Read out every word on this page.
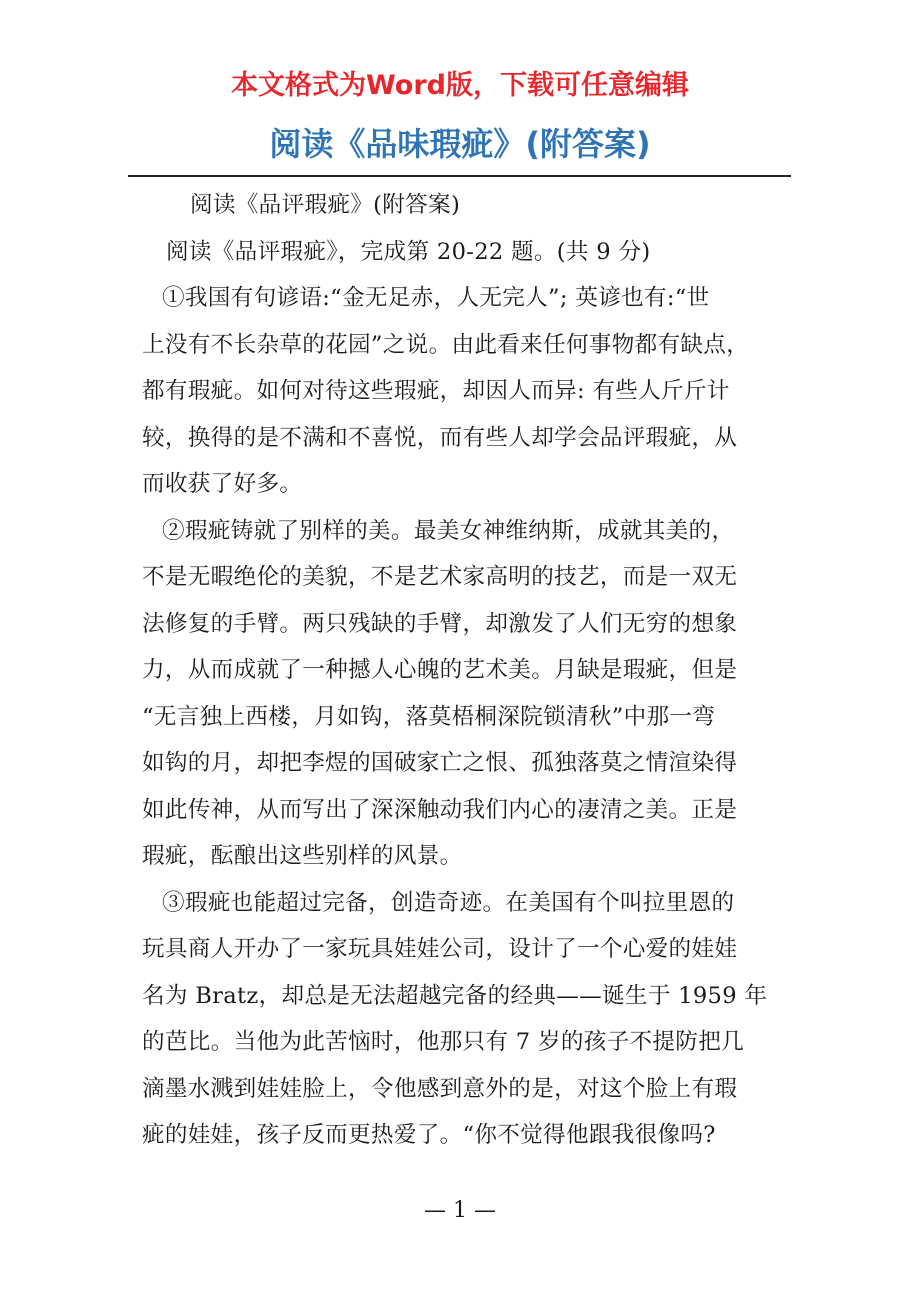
本文格式为Word版，下载可任意编辑
阅读《品味瑕疵》(附答案)

阅读《品评瑕疵》(附答案)

阅读《品评瑕疵》，完成第 20-22 题。(共 9 分)

①我国有句谚语:“金无足赤，人无完人”; 英谚也有:“世

上没有不长杂草的花园”之说。由此看来任何事物都有缺点，

都有瑕疵。如何对待这些瑕疵，却因人而异: 有些人斤斤计

较，换得的是不满和不喜悦，而有些人却学会品评瑕疵，从

而收获了好多。

②瑕疵铸就了别样的美。最美女神维纳斯，成就其美的，

不是无暇绝伦的美貌，不是艺术家高明的技艺，而是一双无

法修复的手臂。两只残缺的手臂，却激发了人们无穷的想象

力，从而成就了一种撼人心魄的艺术美。月缺是瑕疵，但是

“无言独上西楼，月如钩，落莫梧桐深院锁清秋”中那一弯

如钩的月，却把李煜的国破家亡之恨、孤独落莫之情渲染得

如此传神，从而写出了深深触动我们内心的凄清之美。正是

瑕疵，酝酿出这些别样的风景。

③瑕疵也能超过完备，创造奇迹。在美国有个叫拉里恩的

玩具商人开办了一家玩具娃娃公司，设计了一个心爱的娃娃

名为 Bratz，却总是无法超越完备的经典——诞生于 1959 年

的芭比。当他为此苦恼时，他那只有 7 岁的孩子不提防把几

滴墨水溅到娃娃脸上，令他感到意外的是，对这个脸上有瑕

疵的娃娃，孩子反而更热爱了。“你不觉得他跟我很像吗?

— 1 —
